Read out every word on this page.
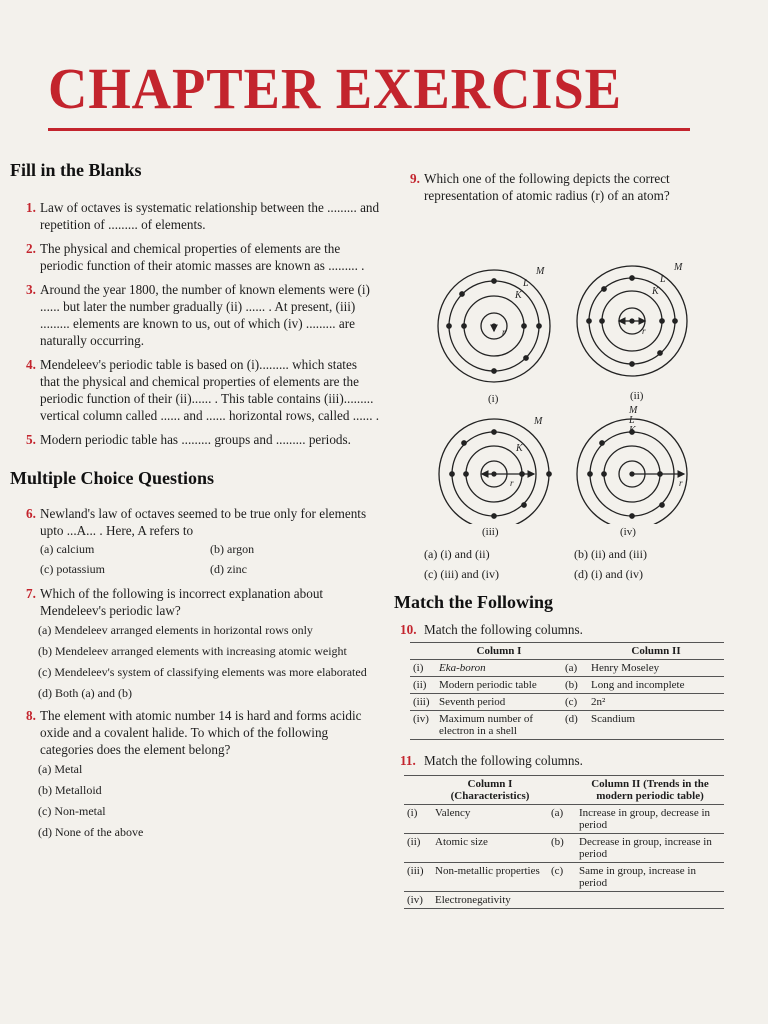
CHAPTER EXERCISE
Fill in the Blanks
1 . Law of octaves is systematic relationship between the ......... and repetition of ......... of elements.
2 . The physical and chemical properties of elements are the periodic function of their atomic masses are known as ......... .
3 . Around the year 1800, the number of known elements were (i) ...... but later the number gradually (ii) ...... . At present, (iii) ......... elements are known to us, out of which (iv) ......... are naturally occurring.
4 . Mendeleev's periodic table is based on (i)......... which states that the physical and chemical properties of elements are the periodic function of their (ii)...... . This table contains (iii)......... vertical column called ...... and ...... horizontal rows, called ...... .
5 . Modern periodic table has ......... groups and ......... periods.
Multiple Choice Questions
6 . Newland's law of octaves seemed to be true only for elements upto ...A... . Here, A refers to
(a) calcium	(b) argon
(c) potassium	(d) zinc
7 . Which of the following is incorrect explanation about Mendeleev's periodic law?
(a) Mendeleev arranged elements in horizontal rows only
(b) Mendeleev arranged elements with increasing atomic weight
(c) Mendeleev's system of classifying elements was more elaborated
(d) Both (a) and (b)
8 . The element with atomic number 14 is hard and forms acidic oxide and a covalent halide. To which of the following categories does the element belong?
(a) Metal
(b) Metalloid
(c) Non-metal
(d) None of the above
9 . Which one of the following depicts the correct representation of atomic radius (r) of an atom?
M
L
K
r
(i)
M
L
K
r
(ii)
M
K
r
M
L
K
r
(iii)	(iv)
(a) (i) and (ii)	(b) (ii) and (iii)
(c) (iii) and (iv)	(d) (i) and (iv)
Match the Following
10 . Match the following columns.
	Column I		Column II
(i)	Eka-boron	(a)	Henry Moseley
(ii)	Modern periodic table	(b)	Long and incomplete
(iii)	Seventh period	(c)	2n²
(iv)	Maximum number of electron in a shell	(d)	Scandium
11 . Match the following columns.
	Column I (Characteristics)		Column II (Trends in the modern periodic table)
(i)	Valency	(a)	Increase in group, decrease in period
(ii)	Atomic size	(b)	Decrease in group, increase in period
(iii)	Non-metallic properties	(c)	Same in group, increase in period
(iv)	Electronegativity		
